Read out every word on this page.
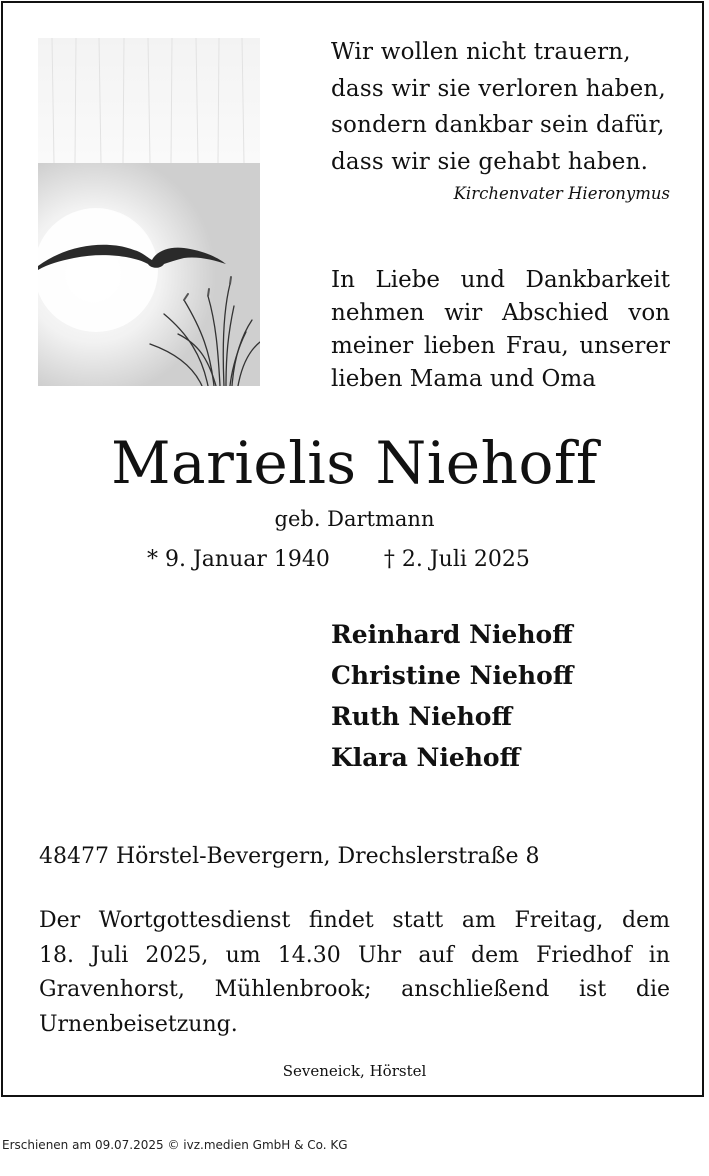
Wir wollen nicht trauern,
dass wir sie verloren haben,
sondern dankbar sein dafür,
dass wir sie gehabt haben.
Kirchenvater Hieronymus
In Liebe und Dankbarkeit
nehmen wir Abschied von
meiner lieben Frau, unserer
lieben Mama und Oma
Marielis Niehoff
geb. Dartmann
* 9. Januar 1940 † 2. Juli 2025
Reinhard Niehoff
Christine Niehoff
Ruth Niehoff
Klara Niehoff
48477 Hörstel-Bevergern, Drechslerstraße 8
Der Wortgottesdienst findet statt am Freitag, dem
18. Juli 2025, um 14.30 Uhr auf dem Friedhof in
Gravenhorst, Mühlenbrook; anschließend ist die
Urnenbeisetzung.
Seveneick, Hörstel
Erschienen am 09.07.2025 © ivz.medien GmbH & Co. KG
